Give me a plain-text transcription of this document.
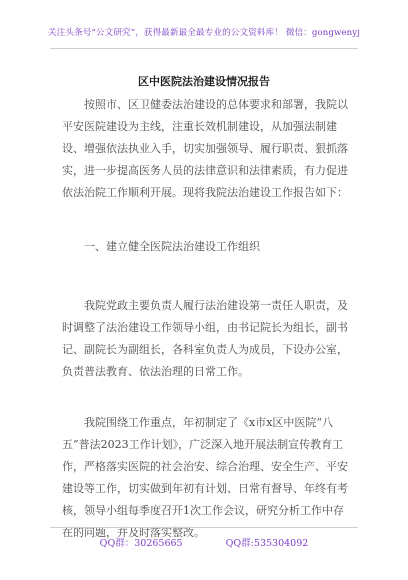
关注头条号“公文研究”，获得最新最全最专业的公文资料库！ 微信：gongwenyj
区中医院法治建设情况报告

按照市、区卫健委法治建设的总体要求和部署，我院以平安医院建设为主线，注重长效机制建设，从加强法制建设、增强依法执业入手，切实加强领导、履行职责、狠抓落实，进一步提高医务人员的法律意识和法律素质，有力促进依法治院工作顺利开展。现将我院法治建设工作报告如下：

一、建立健全医院法治建设工作组织

我院党政主要负责人履行法治建设第一责任人职责，及时调整了法治建设工作领导小组，由书记院长为组长，副书记、副院长为副组长，各科室负责人为成员，下设办公室，负责普法教育、依法治理的日常工作。

我院围绕工作重点，年初制定了《x市x区中医院“八五”普法2023工作计划》，广泛深入地开展法制宣传教育工作，严格落实医院的社会治安、综合治理、安全生产、平安建设等工作，切实做到年初有计划、日常有督导、年终有考核，领导小组每季度召开1次工作会议，研究分析工作中存在的问题，并及时落实整改。

QQ群：30265665	QQ群:535304092
